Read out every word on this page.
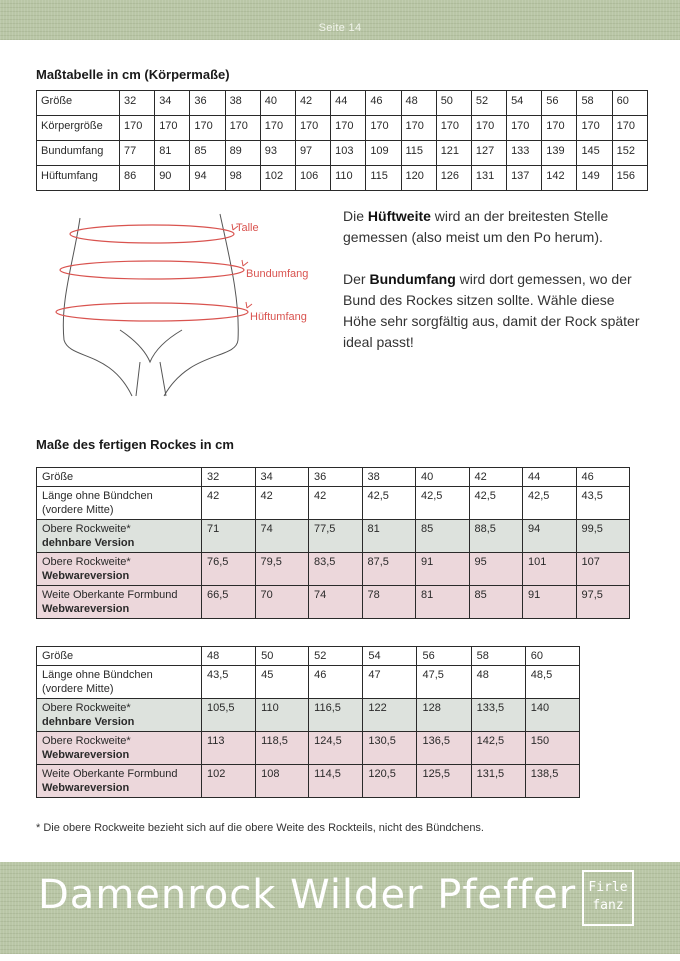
Seite 14
Maßtabelle in cm (Körpermaße)
Größe	32	34	36	38	40	42	44	46	48	50	52	54	56	58	60
Körpergröße	170	170	170	170	170	170	170	170	170	170	170	170	170	170	170
Bundumfang	77	81	85	89	93	97	103	109	115	121	127	133	139	145	152
Hüftumfang	86	90	94	98	102	106	110	115	120	126	131	137	142	149	156
Talle
Bundumfang
Hüftumfang

Die Hüftweite wird an der breitesten Stelle gemessen (also meist um den Po herum).

Der Bundumfang wird dort gemessen, wo der Bund des Rockes sitzen sollte. Wähle diese Höhe sehr sorgfältig aus, damit der Rock später ideal passt!

Maße des fertigen Rockes in cm
Größe	32	34	36	38	40	42	44	46

Länge ohne Bündchen
(vordere Mitte)	42	42	42	42,5	42,5	42,5	42,5	43,5

Obere Rockweite*
dehnbare Version	71	74	77,5	81	85	88,5	94	99,5

Obere Rockweite*
Webwareversion	76,5	79,5	83,5	87,5	91	95	101	107

Weite Oberkante Formbund
Webwareversion	66,5	70	74	78	81	85	91	97,5
Größe	48	50	52	54	56	58	60

Länge ohne Bündchen
(vordere Mitte)	43,5	45	46	47	47,5	48	48,5

Obere Rockweite*
dehnbare Version	105,5	110	116,5	122	128	133,5	140

Obere Rockweite*
Webwareversion	113	118,5	124,5	130,5	136,5	142,5	150

Weite Oberkante Formbund
Webwareversion	102	108	114,5	120,5	125,5	131,5	138,5
* Die obere Rockweite bezieht sich auf die obere Weite des Rockteils, nicht des Bündchens.
Damenrock Wilder Pfeffer Firle
fanz
